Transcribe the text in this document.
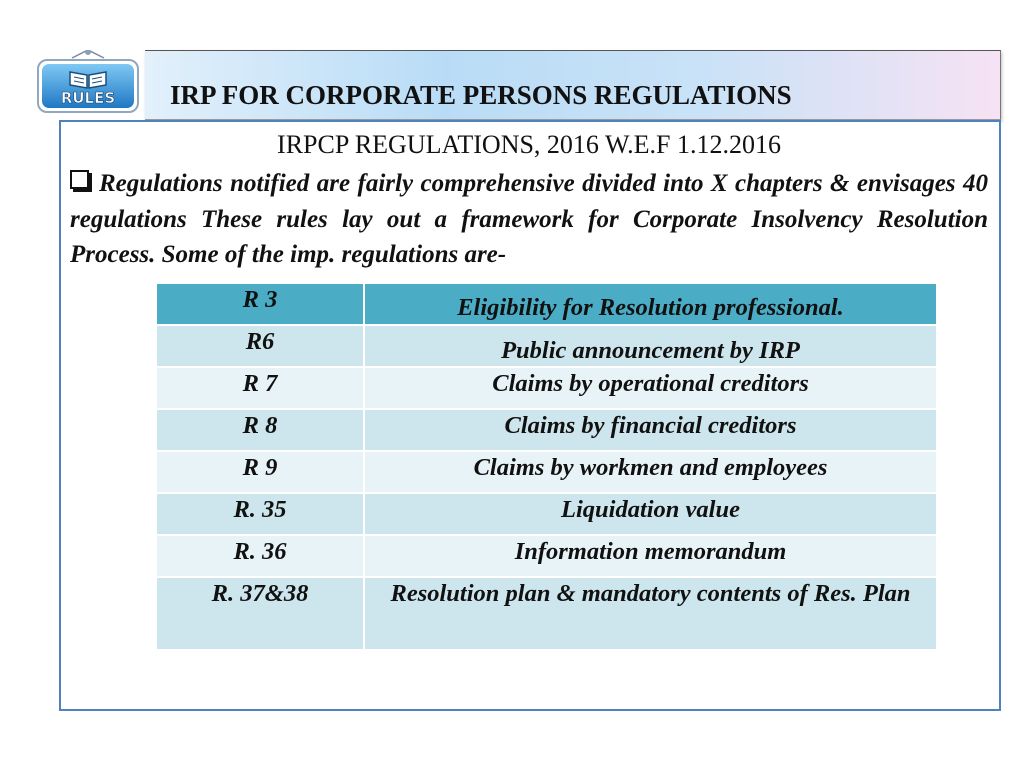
RULES IRP FOR CORPORATE PERSONS REGULATIONS
IRPCP REGULATIONS, 2016 W.E.F 1.12.2016
Regulations notified are fairly comprehensive divided into X chapters & envisages 40 regulations These rules lay out a framework for Corporate Insolvency Resolution Process. Some of the imp. regulations are-
R 3	Eligibility for Resolution professional.
R6	Public announcement by IRP
R 7	Claims by operational creditors
R 8	Claims by financial creditors
R 9	Claims by workmen and employees
R. 35	Liquidation value
R. 36	Information memorandum
R. 37&38	Resolution plan & mandatory contents of Res. Plan
